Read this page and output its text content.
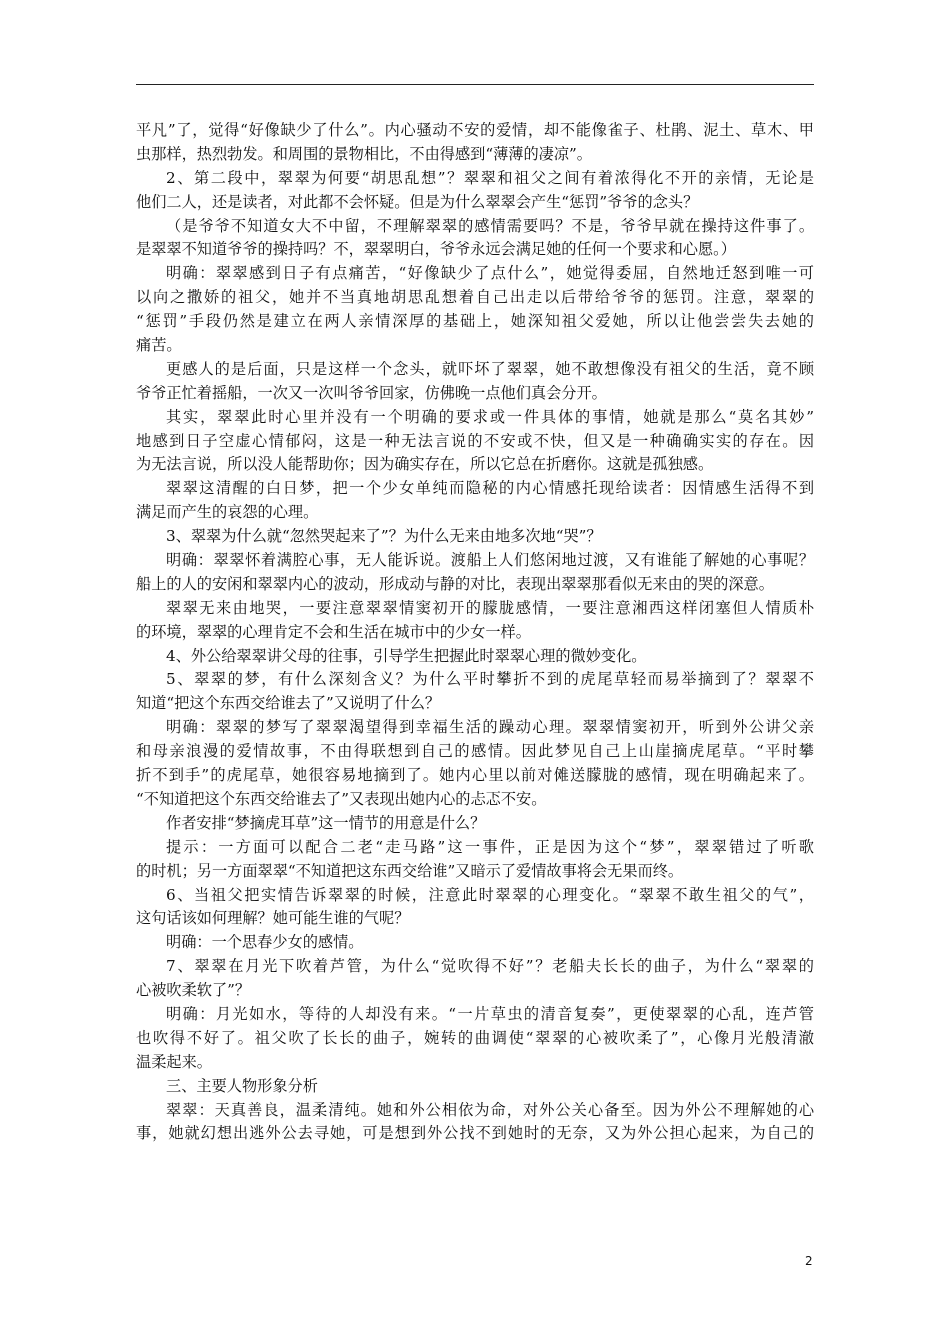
平凡”了，觉得“好像缺少了什么”。内心骚动不安的爱情，却不能像雀子、杜鹃、泥土、草木、甲
虫那样，热烈勃发。和周围的景物相比，不由得感到“薄薄的凄凉”。
2、第二段中，翠翠为何要“胡思乱想”？翠翠和祖父之间有着浓得化不开的亲情，无论是
他们二人，还是读者，对此都不会怀疑。但是为什么翠翠会产生“惩罚”爷爷的念头？
（是爷爷不知道女大不中留，不理解翠翠的感情需要吗？不是，爷爷早就在操持这件事了。
是翠翠不知道爷爷的操持吗？不，翠翠明白，爷爷永远会满足她的任何一个要求和心愿。）
明确：翠翠感到日子有点痛苦，“好像缺少了点什么”，她觉得委屈，自然地迁怒到唯一可
以向之撒娇的祖父，她并不当真地胡思乱想着自己出走以后带给爷爷的惩罚。注意，翠翠的
“惩罚”手段仍然是建立在两人亲情深厚的基础上，她深知祖父爱她，所以让他尝尝失去她的
痛苦。
更感人的是后面，只是这样一个念头，就吓坏了翠翠，她不敢想像没有祖父的生活，竟不顾
爷爷正忙着摇船，一次又一次叫爷爷回家，仿佛晚一点他们真会分开。
其实，翠翠此时心里并没有一个明确的要求或一件具体的事情，她就是那么“莫名其妙”
地感到日子空虚心情郁闷，这是一种无法言说的不安或不快，但又是一种确确实实的存在。因
为无法言说，所以没人能帮助你；因为确实存在，所以它总在折磨你。这就是孤独感。
翠翠这清醒的白日梦，把一个少女单纯而隐秘的内心情感托现给读者：因情感生活得不到
满足而产生的哀怨的心理。
3、翠翠为什么就“忽然哭起来了”？为什么无来由地多次地“哭”？
明确：翠翠怀着满腔心事，无人能诉说。渡船上人们悠闲地过渡，又有谁能了解她的心事呢？
船上的人的安闲和翠翠内心的波动，形成动与静的对比，表现出翠翠那看似无来由的哭的深意。
翠翠无来由地哭，一要注意翠翠情窦初开的朦胧感情，一要注意湘西这样闭塞但人情质朴
的环境，翠翠的心理肯定不会和生活在城市中的少女一样。
4、外公给翠翠讲父母的往事，引导学生把握此时翠翠心理的微妙变化。
5、翠翠的梦，有什么深刻含义？为什么平时攀折不到的虎尾草轻而易举摘到了？翠翠不
知道“把这个东西交给谁去了”又说明了什么？
明确：翠翠的梦写了翠翠渴望得到幸福生活的躁动心理。翠翠情窦初开，听到外公讲父亲
和母亲浪漫的爱情故事，不由得联想到自己的感情。因此梦见自己上山崖摘虎尾草。“平时攀
折不到手”的虎尾草，她很容易地摘到了。她内心里以前对傩送朦胧的感情，现在明确起来了。
“不知道把这个东西交给谁去了”又表现出她内心的忐忑不安。
作者安排“梦摘虎耳草”这一情节的用意是什么？
提示：一方面可以配合二老“走马路”这一事件，正是因为这个“梦”，翠翠错过了听歌
的时机；另一方面翠翠“不知道把这东西交给谁”又暗示了爱情故事将会无果而终。
6、当祖父把实情告诉翠翠的时候，注意此时翠翠的心理变化。“翠翠不敢生祖父的气”，
这句话该如何理解？她可能生谁的气呢？
明确：一个思春少女的感情。
7、翠翠在月光下吹着芦管，为什么“觉吹得不好”？老船夫长长的曲子，为什么“翠翠的
心被吹柔软了”？
明确：月光如水，等待的人却没有来。“一片草虫的清音复奏”，更使翠翠的心乱，连芦管
也吹得不好了。祖父吹了长长的曲子，婉转的曲调使“翠翠的心被吹柔了”，心像月光般清澈
温柔起来。
三、主要人物形象分析
翠翠：天真善良，温柔清纯。她和外公相依为命，对外公关心备至。因为外公不理解她的心
事，她就幻想出逃外公去寻她，可是想到外公找不到她时的无奈，又为外公担心起来，为自己的
2
